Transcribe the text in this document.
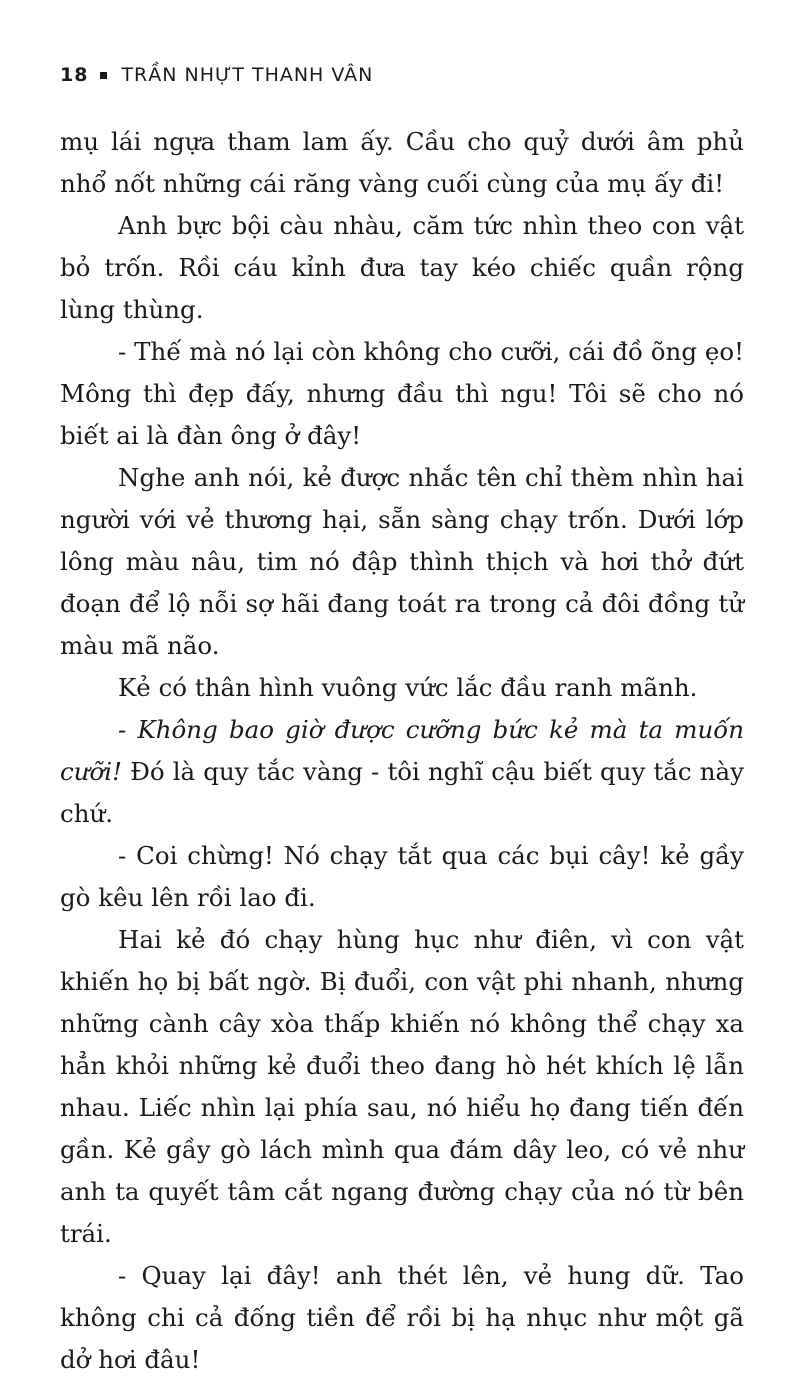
18 TRẦN NHỰT THANH VÂN

mụ lái ngựa tham lam ấy. Cầu cho quỷ dưới âm phủ nhổ nốt những cái răng vàng cuối cùng của mụ ấy đi!

Anh bực bội càu nhàu, căm tức nhìn theo con vật bỏ trốn. Rồi cáu kỉnh đưa tay kéo chiếc quần rộng lùng thùng.

- Thế mà nó lại còn không cho cưỡi, cái đồ õng ẹo! Mông thì đẹp đấy, nhưng đầu thì ngu! Tôi sẽ cho nó biết ai là đàn ông ở đây!

Nghe anh nói, kẻ được nhắc tên chỉ thèm nhìn hai người với vẻ thương hại, sẵn sàng chạy trốn. Dưới lớp lông màu nâu, tim nó đập thình thịch và hơi thở đứt đoạn để lộ nỗi sợ hãi đang toát ra trong cả đôi đồng tử màu mã não.

Kẻ có thân hình vuông vức lắc đầu ranh mãnh.

- Không bao giờ được cưỡng bức kẻ mà ta muốn cưỡi! Đó là quy tắc vàng - tôi nghĩ cậu biết quy tắc này chứ.

- Coi chừng! Nó chạy tắt qua các bụi cây! kẻ gầy gò kêu lên rồi lao đi.

Hai kẻ đó chạy hùng hục như điên, vì con vật khiến họ bị bất ngờ. Bị đuổi, con vật phi nhanh, nhưng những cành cây xòa thấp khiến nó không thể chạy xa hẳn khỏi những kẻ đuổi theo đang hò hét khích lệ lẫn nhau. Liếc nhìn lại phía sau, nó hiểu họ đang tiến đến gần. Kẻ gầy gò lách mình qua đám dây leo, có vẻ như anh ta quyết tâm cắt ngang đường chạy của nó từ bên trái.

- Quay lại đây! anh thét lên, vẻ hung dữ. Tao không chi cả đống tiền để rồi bị hạ nhục như một gã dở hơi đâu!
